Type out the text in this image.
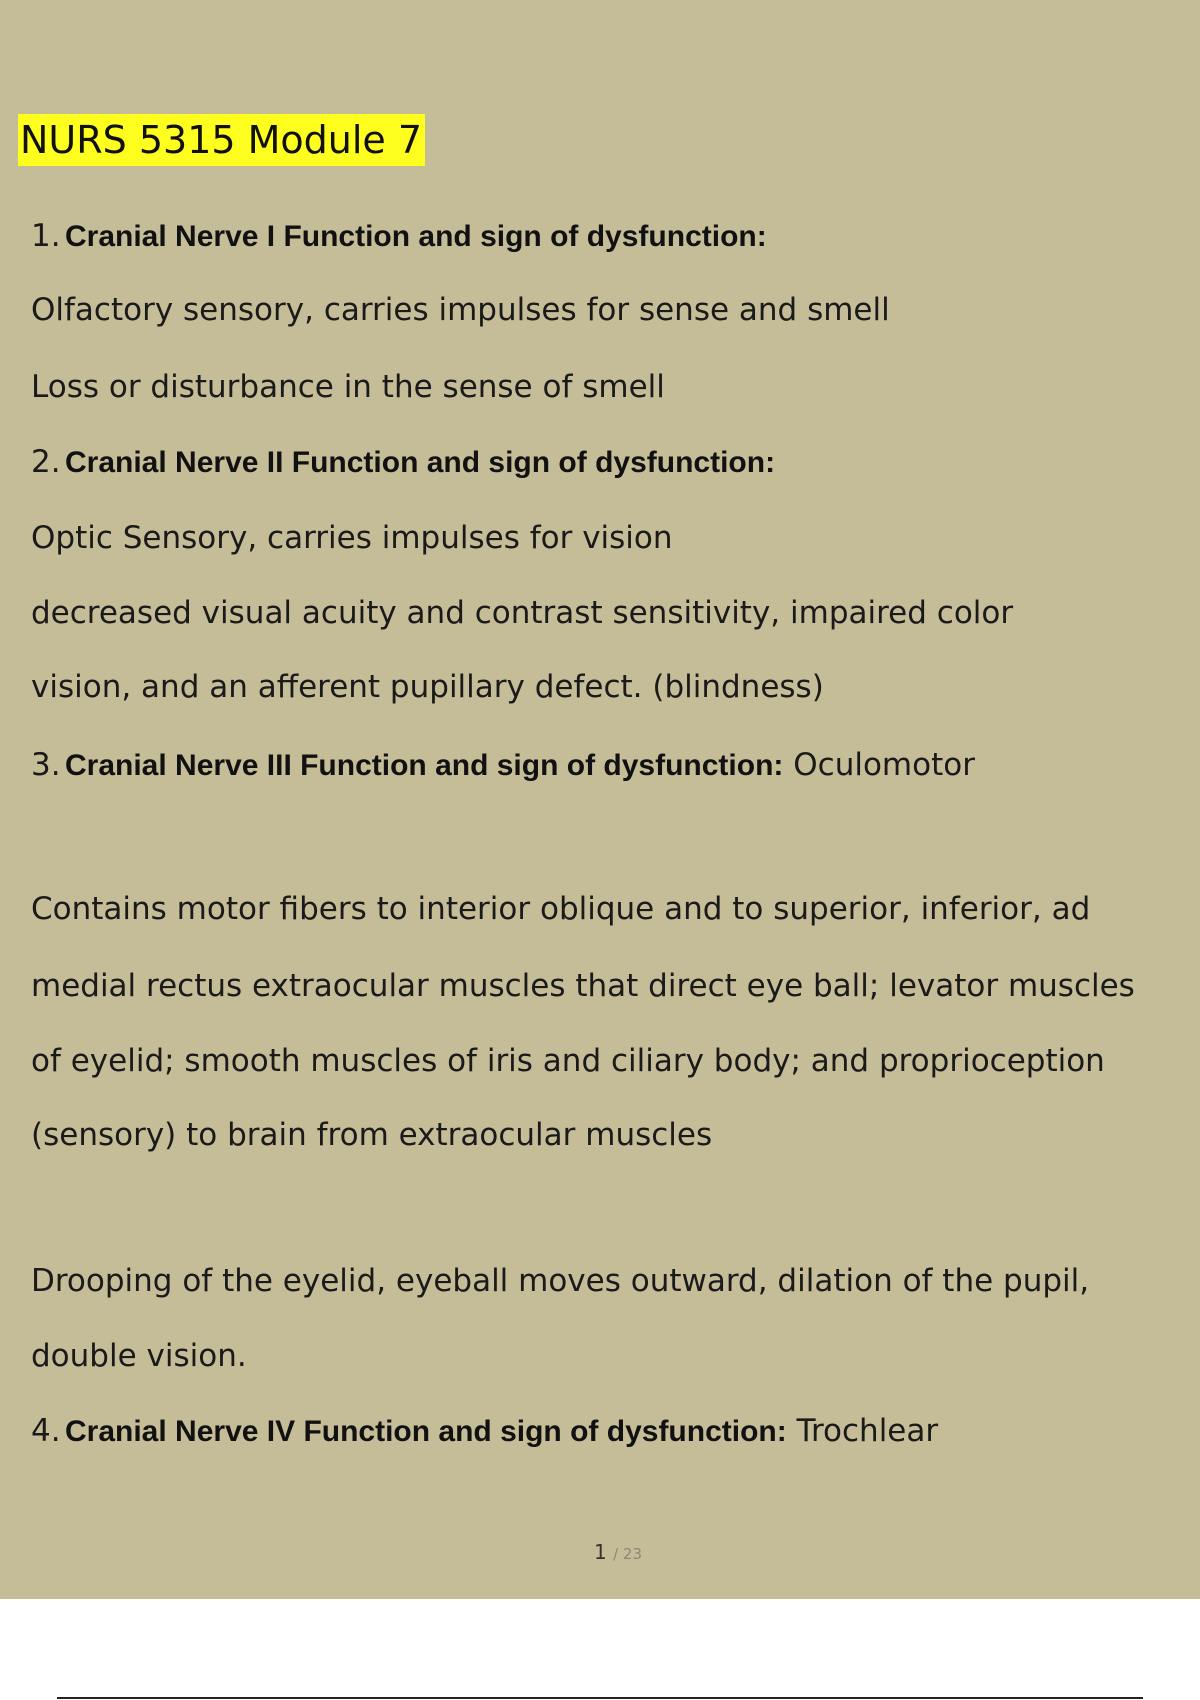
NURS 5315 Module 7

1. Cranial Nerve I Function and sign of dysfunction:

Olfactory sensory, carries impulses for sense and smell

Loss or disturbance in the sense of smell

2. Cranial Nerve II Function and sign of dysfunction:

Optic Sensory, carries impulses for vision

decreased visual acuity and contrast sensitivity, impaired color

vision, and an afferent pupillary defect. (blindness)

3. Cranial Nerve III Function and sign of dysfunction: Oculomotor

Contains motor fibers to interior oblique and to superior, inferior, ad

medial rectus extraocular muscles that direct eye ball; levator muscles

of eyelid; smooth muscles of iris and ciliary body; and proprioception

(sensory) to brain from extraocular muscles

Drooping of the eyelid, eyeball moves outward, dilation of the pupil,

double vision.

4. Cranial Nerve IV Function and sign of dysfunction: Trochlear

1 / 23
